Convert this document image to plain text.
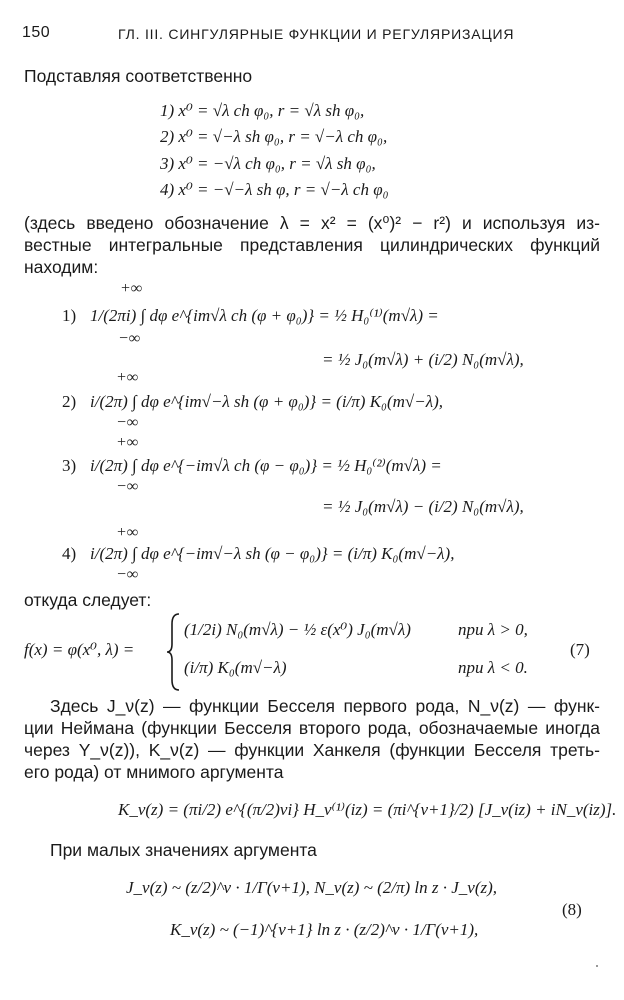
150	ГЛ. III. СИНГУЛЯРНЫЕ ФУНКЦИИ И РЕГУЛЯРИЗАЦИЯ
Подставляя соответственно
1) x⁰ = √λ ch φ₀, r = √λ sh φ₀,
2) x⁰ = √−λ sh φ₀, r = √−λ ch φ₀,
3) x⁰ = −√λ ch φ₀, r = √λ sh φ₀,
4) x⁰ = −√−λ sh φ, r = √−λ ch φ₀
(здесь введено обозначение λ = x² = (x⁰)² − r²) и используя из-
вестные интегральные представления цилиндрических функций
находим:
+∞
1) 1/(2πi) ∫ dφ e^{im√λ ch (φ + φ₀)} = ½ H₀⁽¹⁾(m√λ) =
−∞
= ½ J₀(m√λ) + (i/2) N₀(m√λ),
+∞
2) i/(2π) ∫ dφ e^{im√−λ sh (φ + φ₀)} = (i/π) K₀(m√−λ),
−∞
+∞
3) i/(2π) ∫ dφ e^{−im√λ ch (φ − φ₀)} = ½ H₀⁽²⁾(m√λ) =
−∞
= ½ J₀(m√λ) − (i/2) N₀(m√λ),
+∞
4) i/(2π) ∫ dφ e^{−im√−λ sh (φ − φ₀)} = (i/π) K₀(m√−λ),
−∞
откуда следует:
f(x) = φ(x⁰, λ) =
(1/2i) N₀(m√λ) − ½ ε(x⁰) J₀(m√λ)	при λ > 0,
(i/π) K₀(m√−λ)	при λ < 0.
(7)
Здесь J_ν(z) — функции Бесселя первого рода, N_ν(z) — функ-
ции Неймана (функции Бесселя второго рода, обозначаемые иногда
через Y_ν(z)), K_ν(z) — функции Ханкеля (функции Бесселя треть-
его рода) от мнимого аргумента
K_ν(z) = (πi/2) e^{(π/2)νi} H_ν⁽¹⁾(iz) = (πi^{ν+1}/2) [J_ν(iz) + iN_ν(iz)].
При малых значениях аргумента
J_ν(z) ~ (z/2)^ν · 1/Γ(ν+1), N_ν(z) ~ (2/π) ln z · J_ν(z),
K_ν(z) ~ (−1)^{ν+1} ln z · (z/2)^ν · 1/Γ(ν+1),
(8)
